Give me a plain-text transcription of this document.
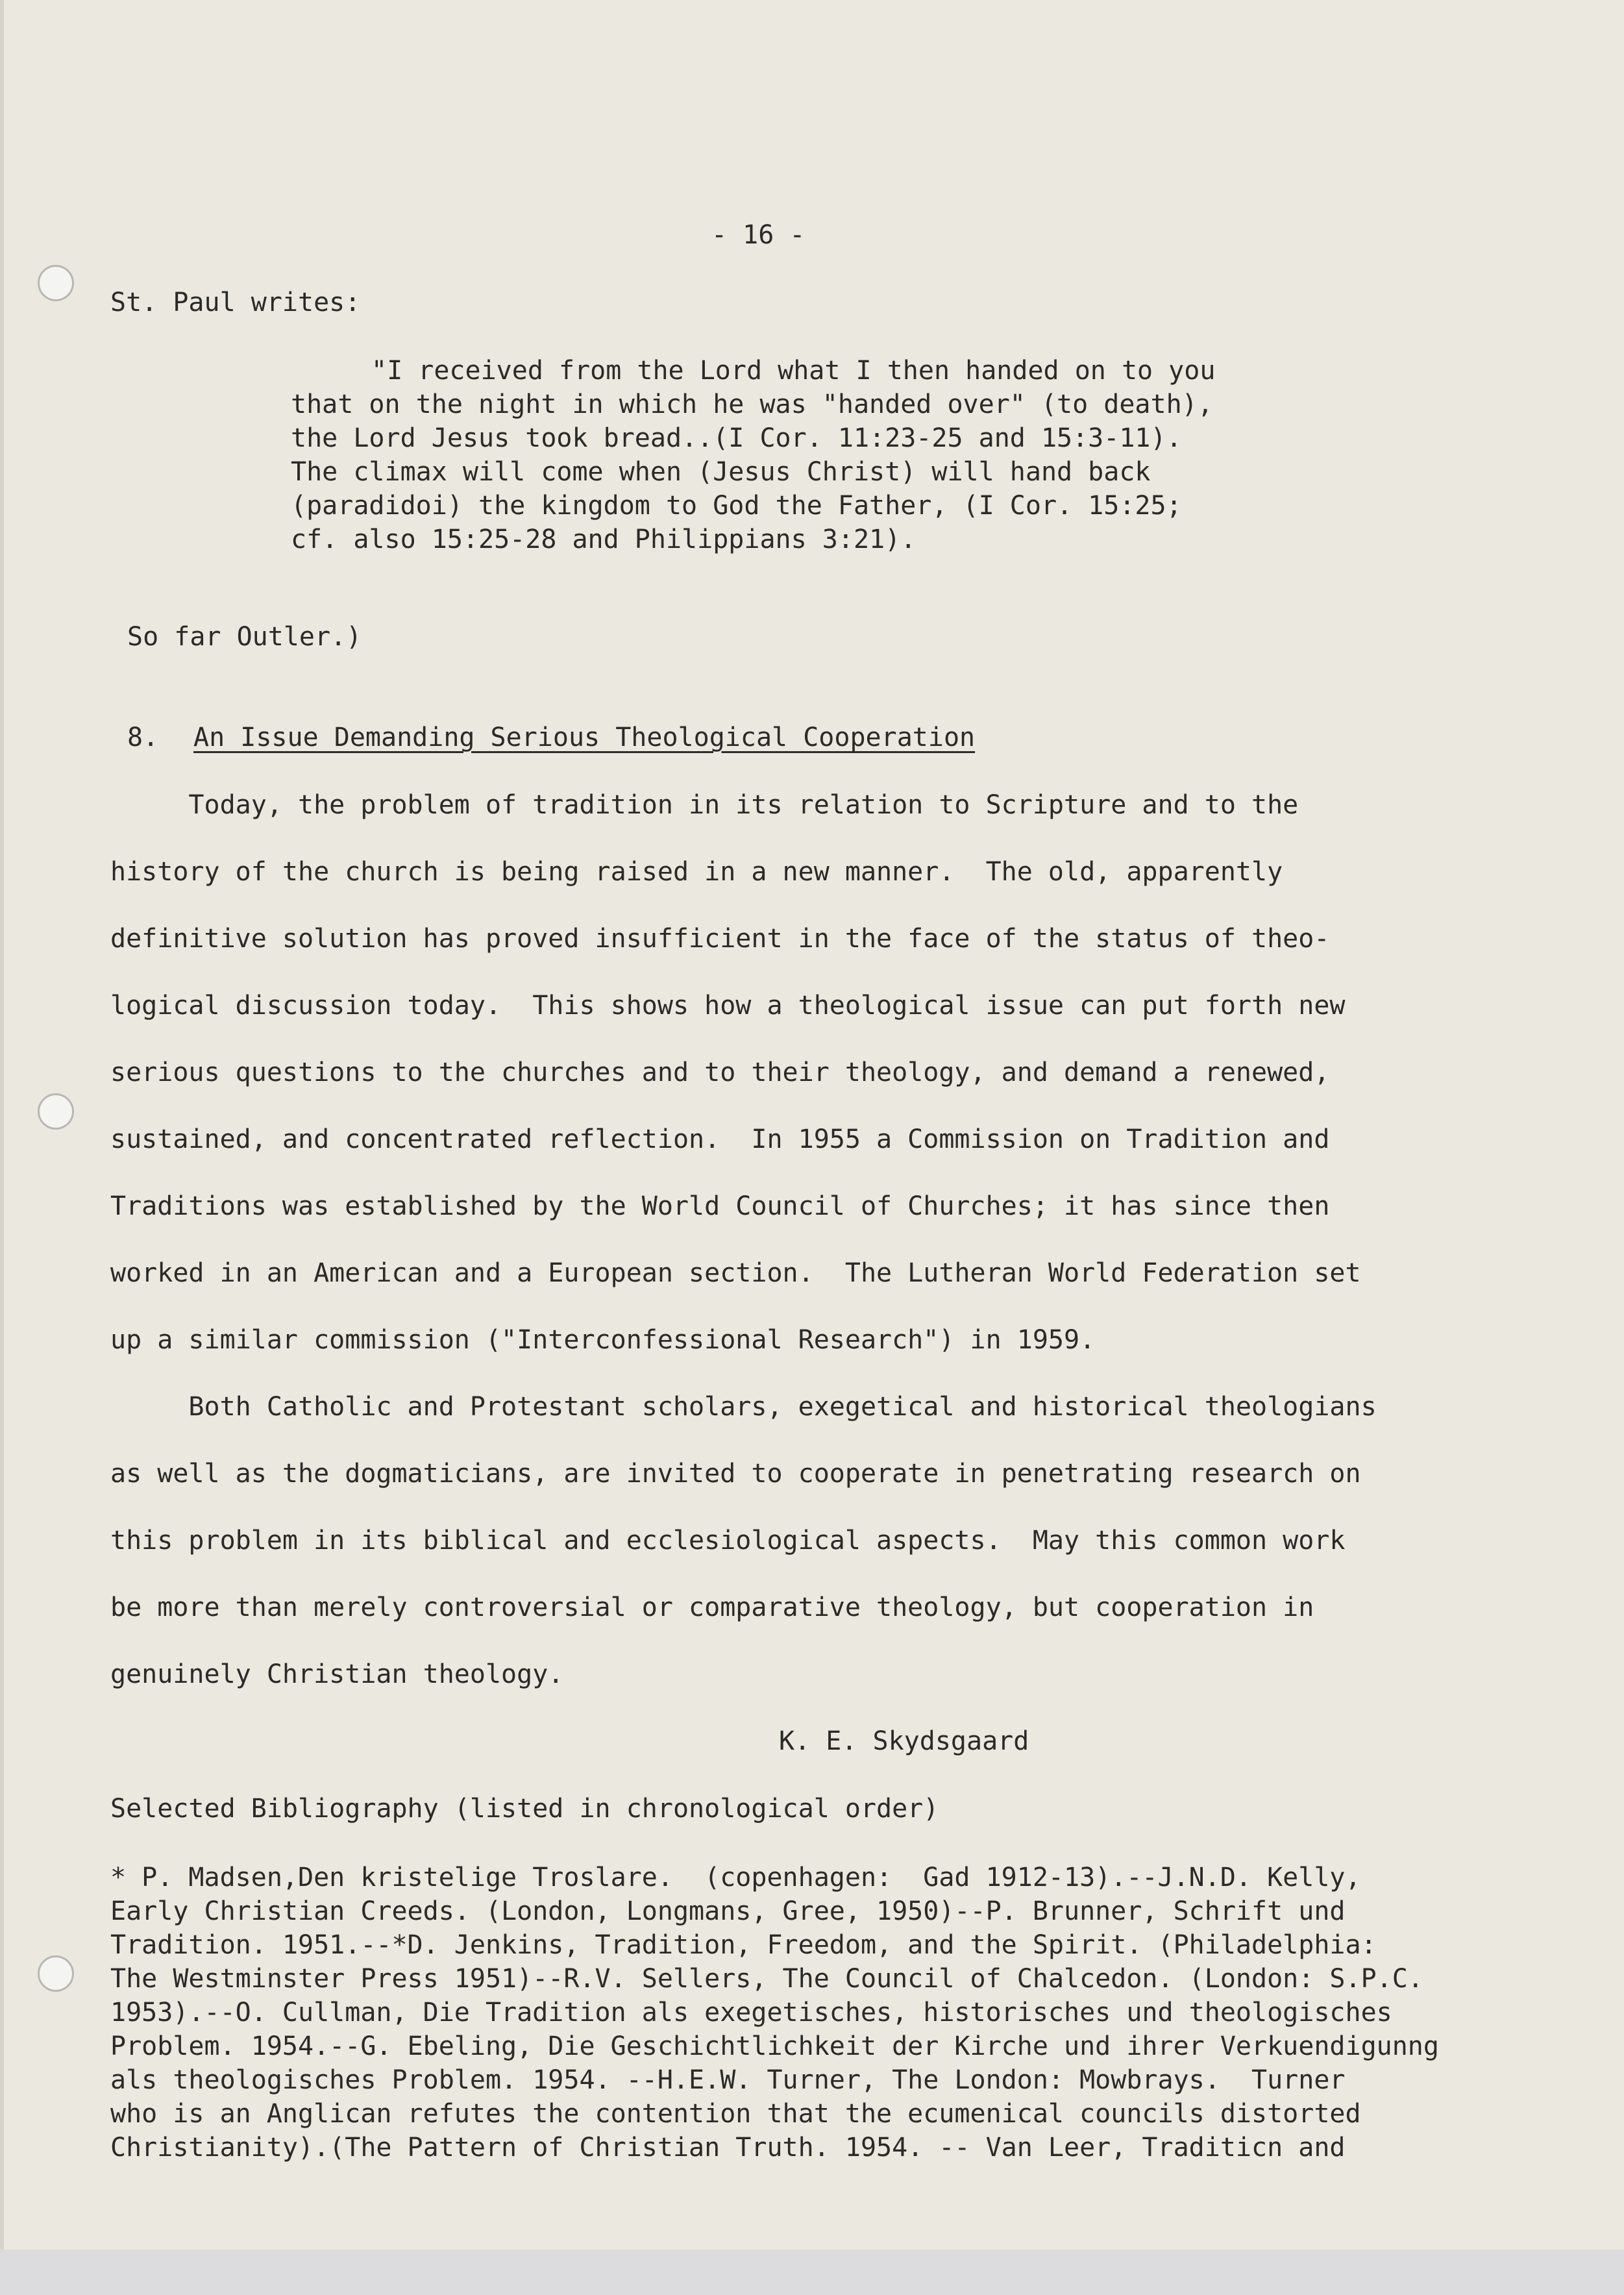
- 16 -
St. Paul writes:
"I received from the Lord what I then handed on to you
that on the night in which he was "handed over" (to death),
the Lord Jesus took bread..(I Cor. 11:23-25 and 15:3-11).
The climax will come when (Jesus Christ) will hand back
(paradidoi) the kingdom to God the Father, (I Cor. 15:25;
cf. also 15:25-28 and Philippians 3:21).
So far Outler.)
8. An Issue Demanding Serious Theological Cooperation
Today, the problem of tradition in its relation to Scripture and to the
history of the church is being raised in a new manner.  The old, apparently
definitive solution has proved insufficient in the face of the status of theo-
logical discussion today.  This shows how a theological issue can put forth new
serious questions to the churches and to their theology, and demand a renewed,
sustained, and concentrated reflection.  In 1955 a Commission on Tradition and
Traditions was established by the World Council of Churches; it has since then
worked in an American and a European section.  The Lutheran World Federation set
up a similar commission ("Interconfessional Research") in 1959.
Both Catholic and Protestant scholars, exegetical and historical theologians
as well as the dogmaticians, are invited to cooperate in penetrating research on
this problem in its biblical and ecclesiological aspects.  May this common work
be more than merely controversial or comparative theology, but cooperation in
genuinely Christian theology.
K. E. Skydsgaard
Selected Bibliography (listed in chronological order)
* P. Madsen,Den kristelige Troslare.  (copenhagen:  Gad 1912-13).--J.N.D. Kelly,
Early Christian Creeds. (London, Longmans, Gree, 1950)--P. Brunner, Schrift und
Tradition. 1951.--*D. Jenkins, Tradition, Freedom, and the Spirit. (Philadelphia:
The Westminster Press 1951)--R.V. Sellers, The Council of Chalcedon. (London: S.P.C.
1953).--O. Cullman, Die Tradition als exegetisches, historisches und theologisches
Problem. 1954.--G. Ebeling, Die Geschichtlichkeit der Kirche und ihrer Verkuendigunng
als theologisches Problem. 1954. --H.E.W. Turner, The London: Mowbrays.  Turner
who is an Anglican refutes the contention that the ecumenical councils distorted
Christianity).(The Pattern of Christian Truth. 1954. -- Van Leer, Traditicn and
